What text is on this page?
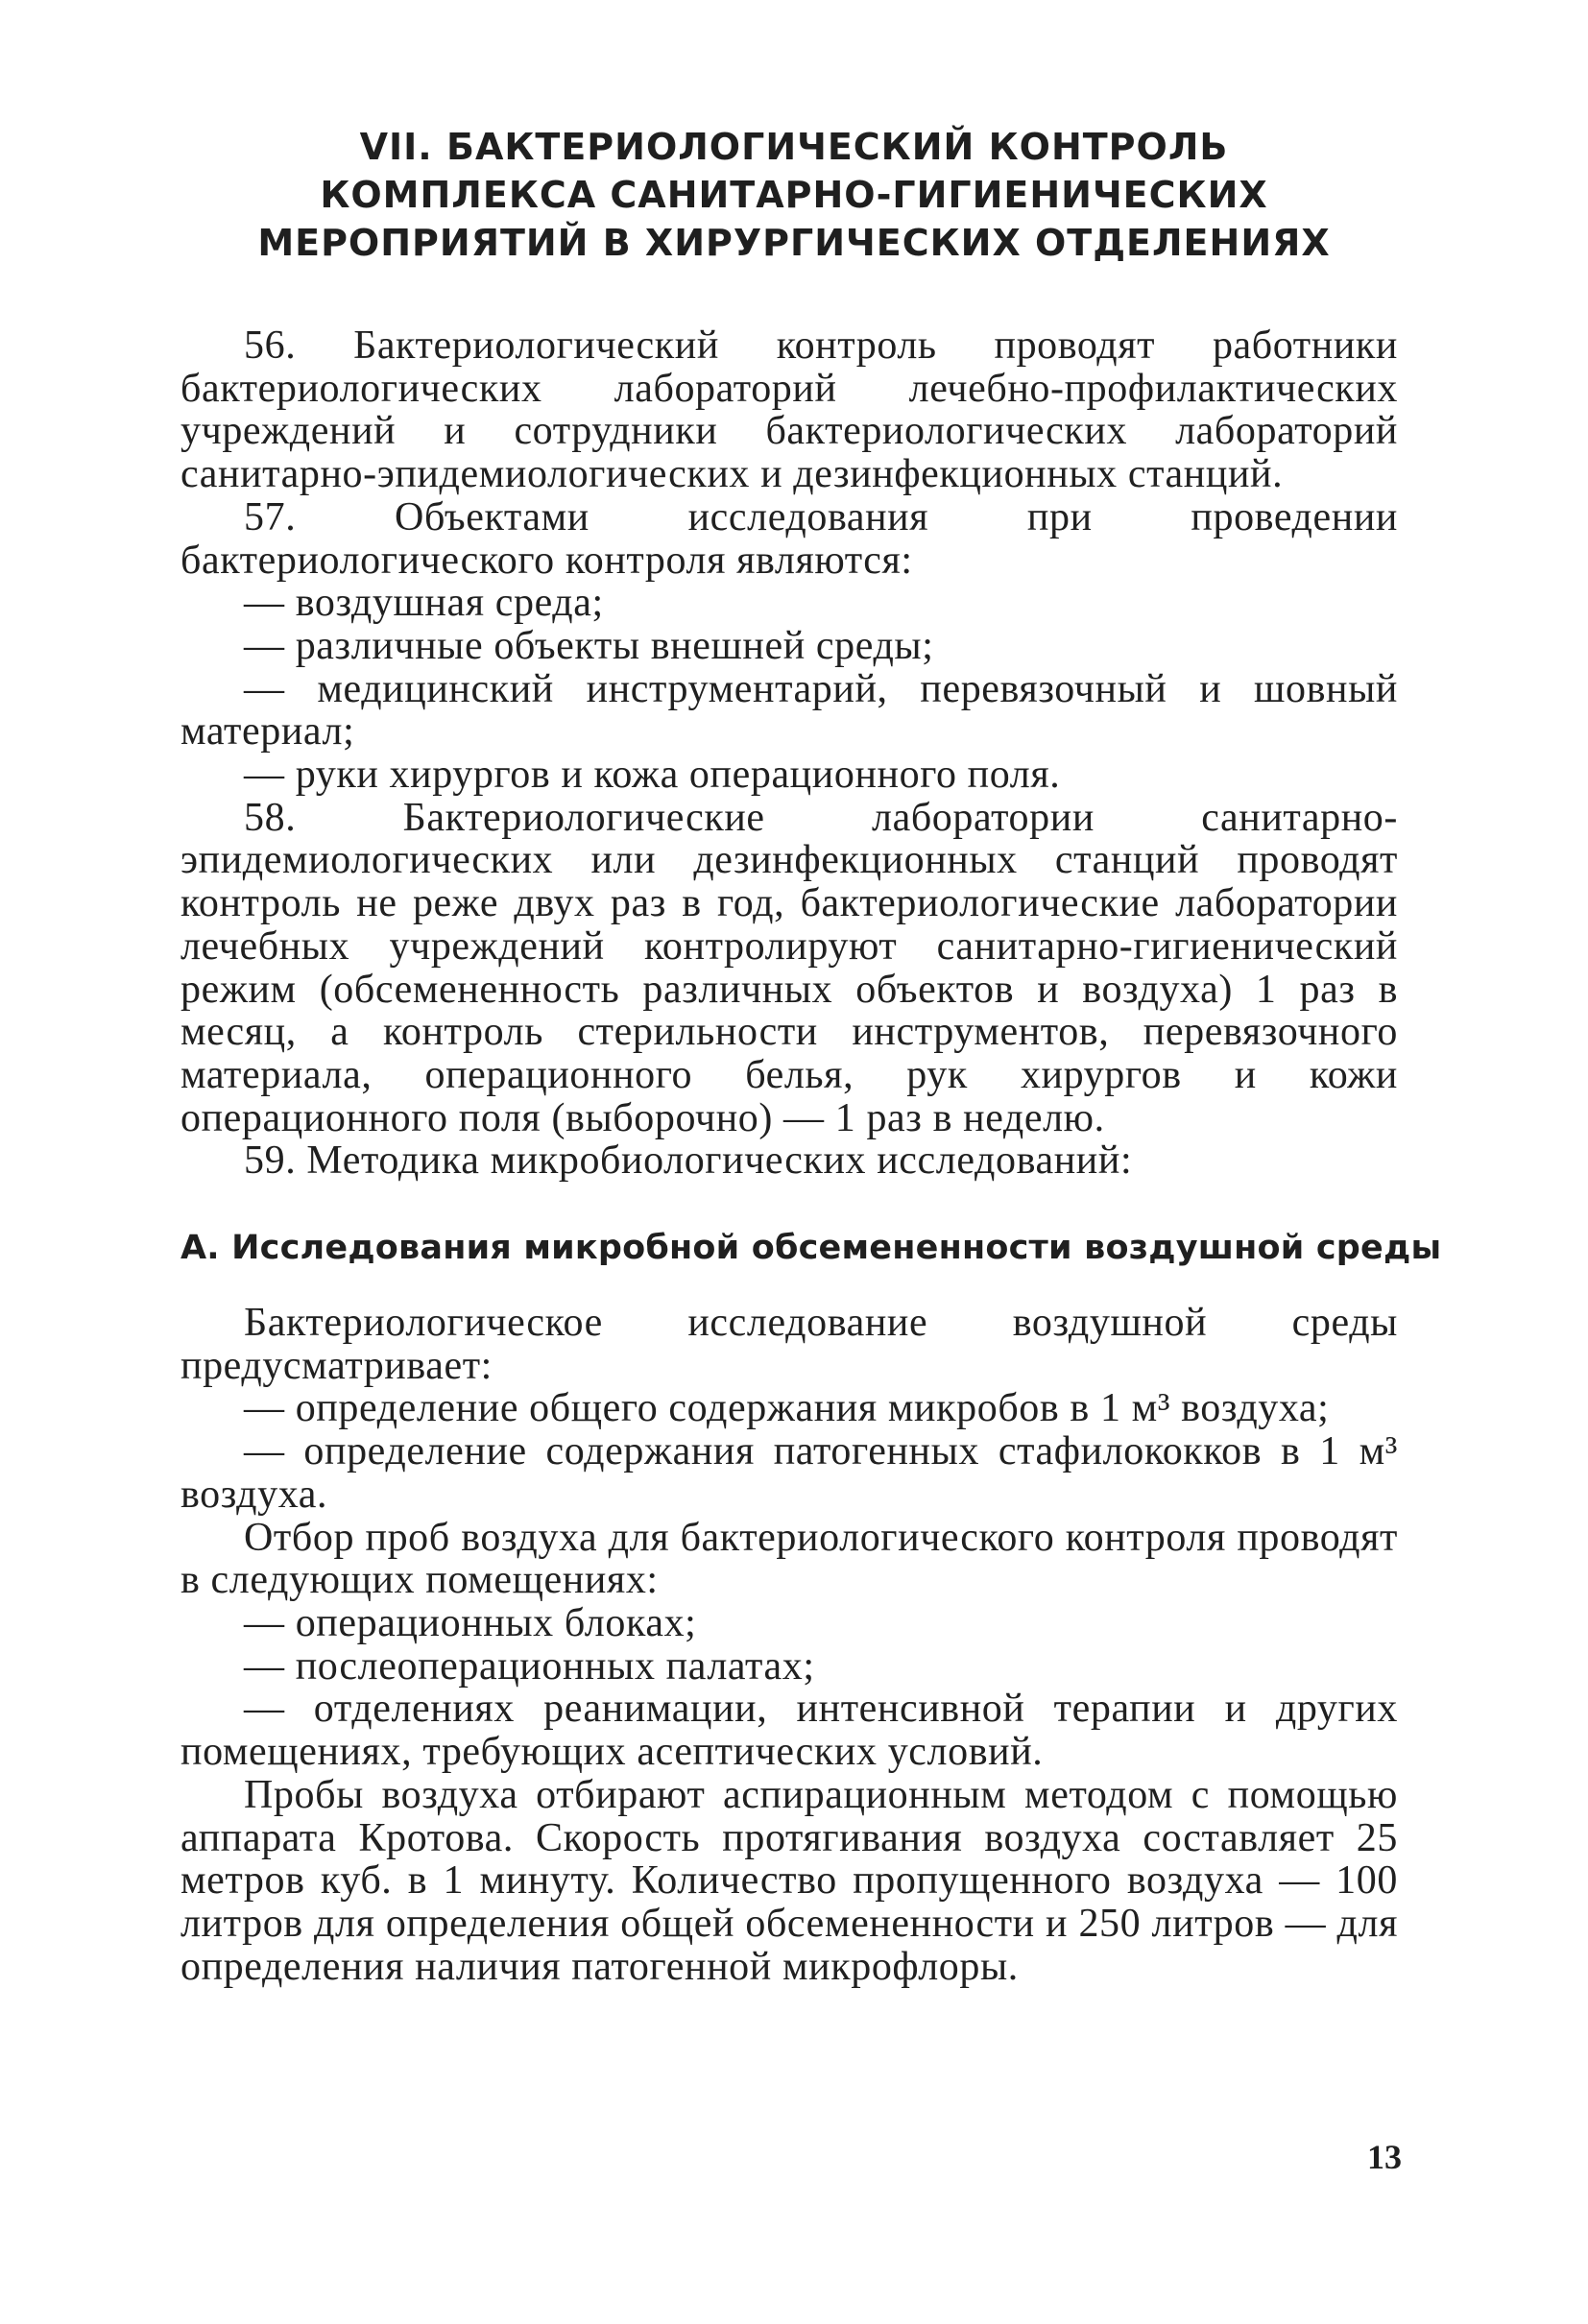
VII. БАКТЕРИОЛОГИЧЕСКИЙ КОНТРОЛЬ
КОМПЛЕКСА САНИТАРНО-ГИГИЕНИЧЕСКИХ
МЕРОПРИЯТИЙ В ХИРУРГИЧЕСКИХ ОТДЕЛЕНИЯХ

56. Бактериологический контроль проводят работники бактериологических лабораторий лечебно-профилактических учреждений и сотрудники бактериологических лабораторий санитарно-эпидемиологических и дезинфекционных станций.

57. Объектами исследования при проведении бактериологического контроля являются:

— воздушная среда;

— различные объекты внешней среды;

— медицинский инструментарий, перевязочный и шовный материал;

— руки хирургов и кожа операционного поля.

58. Бактериологические лаборатории санитарно-эпидемиологических или дезинфекционных станций проводят контроль не реже двух раз в год, бактериологические лаборатории лечебных учреждений контролируют санитарно-гигиенический режим (обсемененность различных объектов и воздуха) 1 раз в месяц, а контроль стерильности инструментов, перевязочного материала, операционного белья, рук хирургов и кожи операционного поля (выборочно) — 1 раз в неделю.

59. Методика микробиологических исследований:

А. Исследования микробной обсемененности воздушной среды

Бактериологическое исследование воздушной среды предусматривает:

— определение общего содержания микробов в 1 м³ воздуха;

— определение содержания патогенных стафилококков в 1 м³ воздуха.

Отбор проб воздуха для бактериологического контроля проводят в следующих помещениях:

— операционных блоках;

— послеоперационных палатах;

— отделениях реанимации, интенсивной терапии и других помещениях, требующих асептических условий.

Пробы воздуха отбирают аспирационным методом с помощью аппарата Кротова. Скорость протягивания воздуха составляет 25 метров куб. в 1 минуту. Количество пропущенного воздуха — 100 литров для определения общей обсемененности и 250 литров — для определения наличия патогенной микрофлоры.

13
